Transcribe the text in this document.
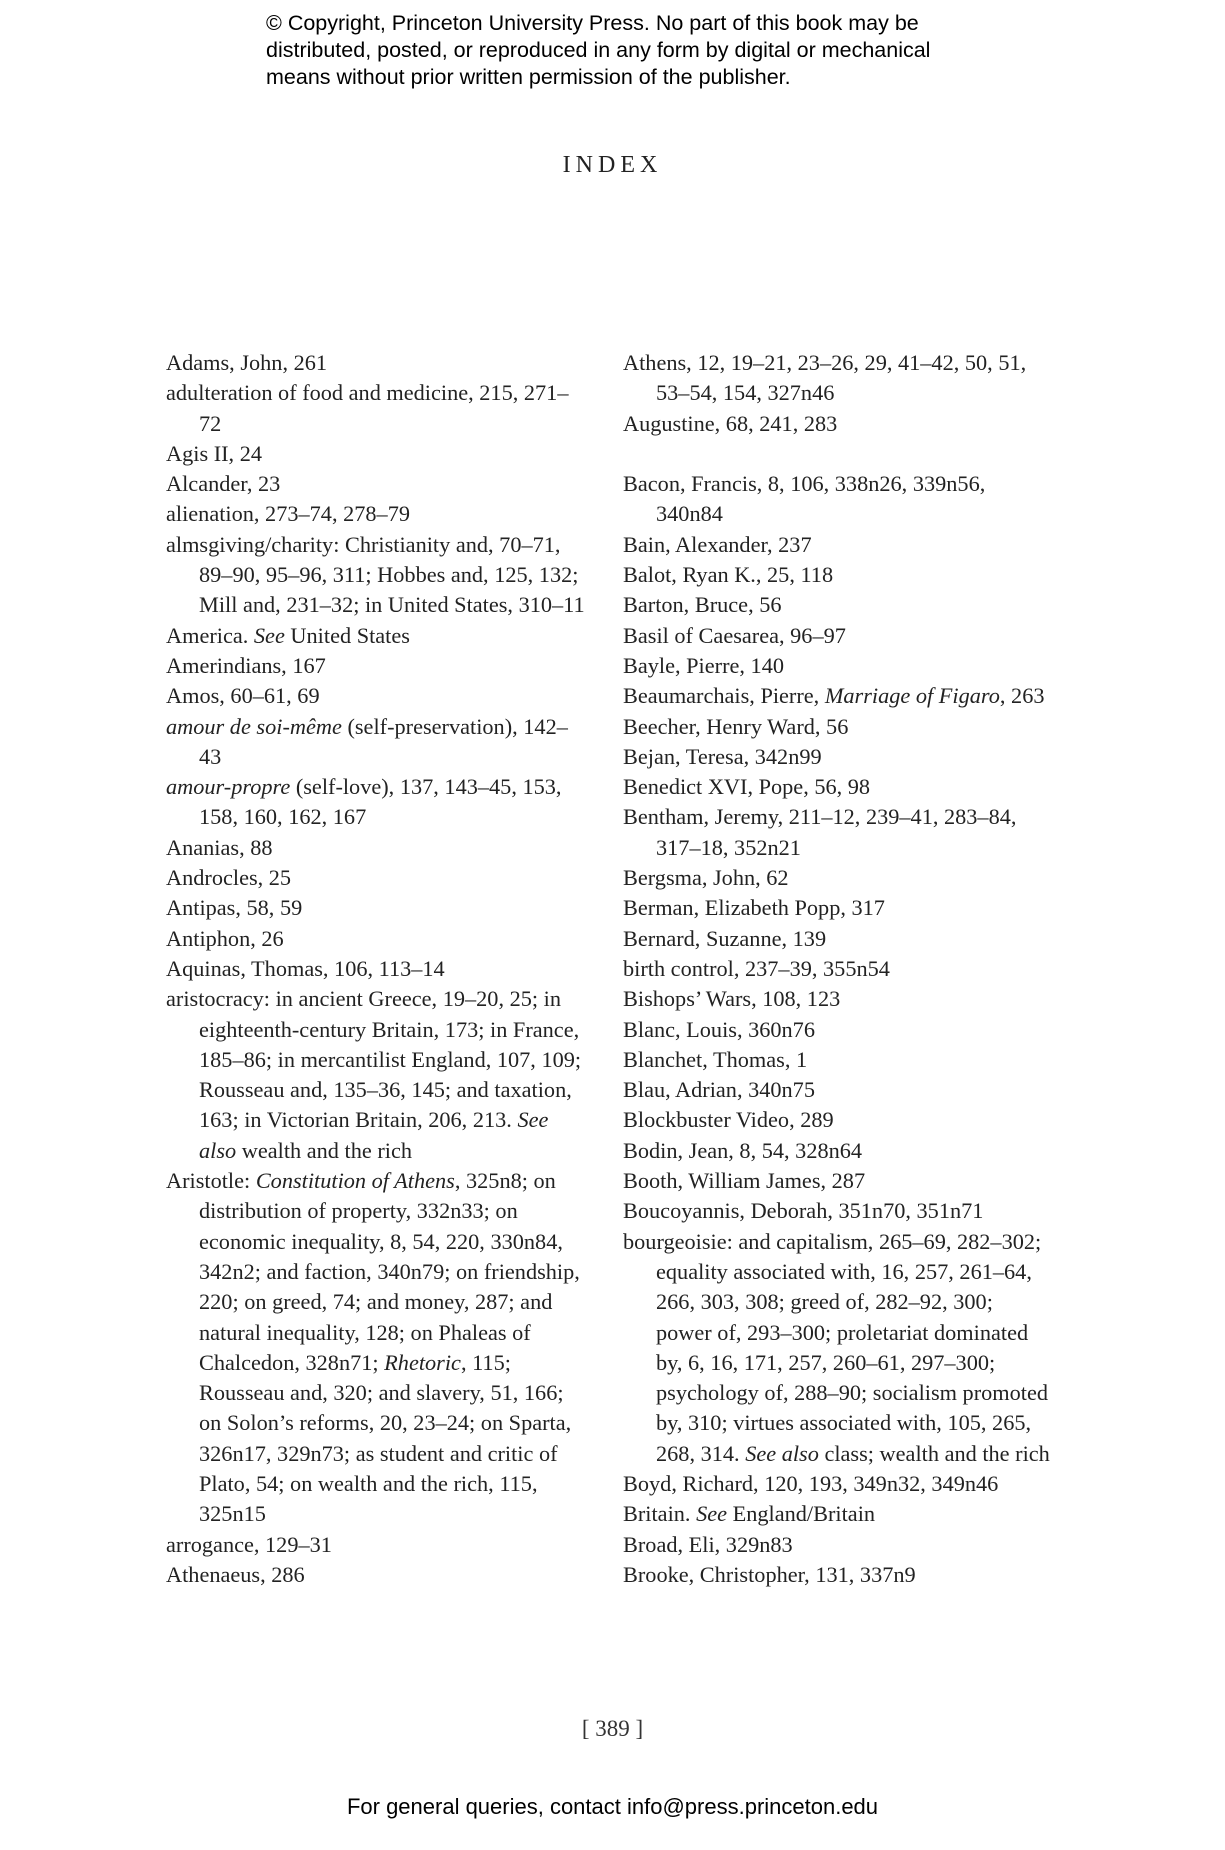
© Copyright, Princeton University Press. No part of this book may be
distributed, posted, or reproduced in any form by digital or mechanical
means without prior written permission of the publisher.
INDEX
Adams, John, 261
adulteration of food and medicine, 215, 271–72
Agis II, 24
Alcander, 23
alienation, 273–74, 278–79
almsgiving/charity: Christianity and, 70–71, 89–90, 95–96, 311; Hobbes and, 125, 132; Mill and, 231–32; in United States, 310–11
America. See United States
Amerindians, 167
Amos, 60–61, 69
amour de soi-même (self-preservation), 142–43
amour-propre (self-love), 137, 143–45, 153, 158, 160, 162, 167
Ananias, 88
Androcles, 25
Antipas, 58, 59
Antiphon, 26
Aquinas, Thomas, 106, 113–14
aristocracy: in ancient Greece, 19–20, 25; in eighteenth-century Britain, 173; in France, 185–86; in mercantilist England, 107, 109; Rousseau and, 135–36, 145; and taxation, 163; in Victorian Britain, 206, 213. See also wealth and the rich
Aristotle: Constitution of Athens, 325n8; on distribution of property, 332n33; on economic inequality, 8, 54, 220, 330n84, 342n2; and faction, 340n79; on friendship, 220; on greed, 74; and money, 287; and natural inequality, 128; on Phaleas of Chalcedon, 328n71; Rhetoric, 115; Rousseau and, 320; and slavery, 51, 166; on Solon’s reforms, 20, 23–24; on Sparta, 326n17, 329n73; as student and critic of Plato, 54; on wealth and the rich, 115, 325n15
arrogance, 129–31
Athenaeus, 286
Athens, 12, 19–21, 23–26, 29, 41–42, 50, 51, 53–54, 154, 327n46
Augustine, 68, 241, 283
Bacon, Francis, 8, 106, 338n26, 339n56, 340n84
Bain, Alexander, 237
Balot, Ryan K., 25, 118
Barton, Bruce, 56
Basil of Caesarea, 96–97
Bayle, Pierre, 140
Beaumarchais, Pierre, Marriage of Figaro, 263
Beecher, Henry Ward, 56
Bejan, Teresa, 342n99
Benedict XVI, Pope, 56, 98
Bentham, Jeremy, 211–12, 239–41, 283–84, 317–18, 352n21
Bergsma, John, 62
Berman, Elizabeth Popp, 317
Bernard, Suzanne, 139
birth control, 237–39, 355n54
Bishops’ Wars, 108, 123
Blanc, Louis, 360n76
Blanchet, Thomas, 1
Blau, Adrian, 340n75
Blockbuster Video, 289
Bodin, Jean, 8, 54, 328n64
Booth, William James, 287
Boucoyannis, Deborah, 351n70, 351n71
bourgeoisie: and capitalism, 265–69, 282–302; equality associated with, 16, 257, 261–64, 266, 303, 308; greed of, 282–92, 300; power of, 293–300; proletariat dominated by, 6, 16, 171, 257, 260–61, 297–300; psychology of, 288–90; socialism promoted by, 310; virtues associated with, 105, 265, 268, 314. See also class; wealth and the rich
Boyd, Richard, 120, 193, 349n32, 349n46
Britain. See England/Britain
Broad, Eli, 329n83
Brooke, Christopher, 131, 337n9
[ 389 ]
For general queries, contact info@press.princeton.edu
